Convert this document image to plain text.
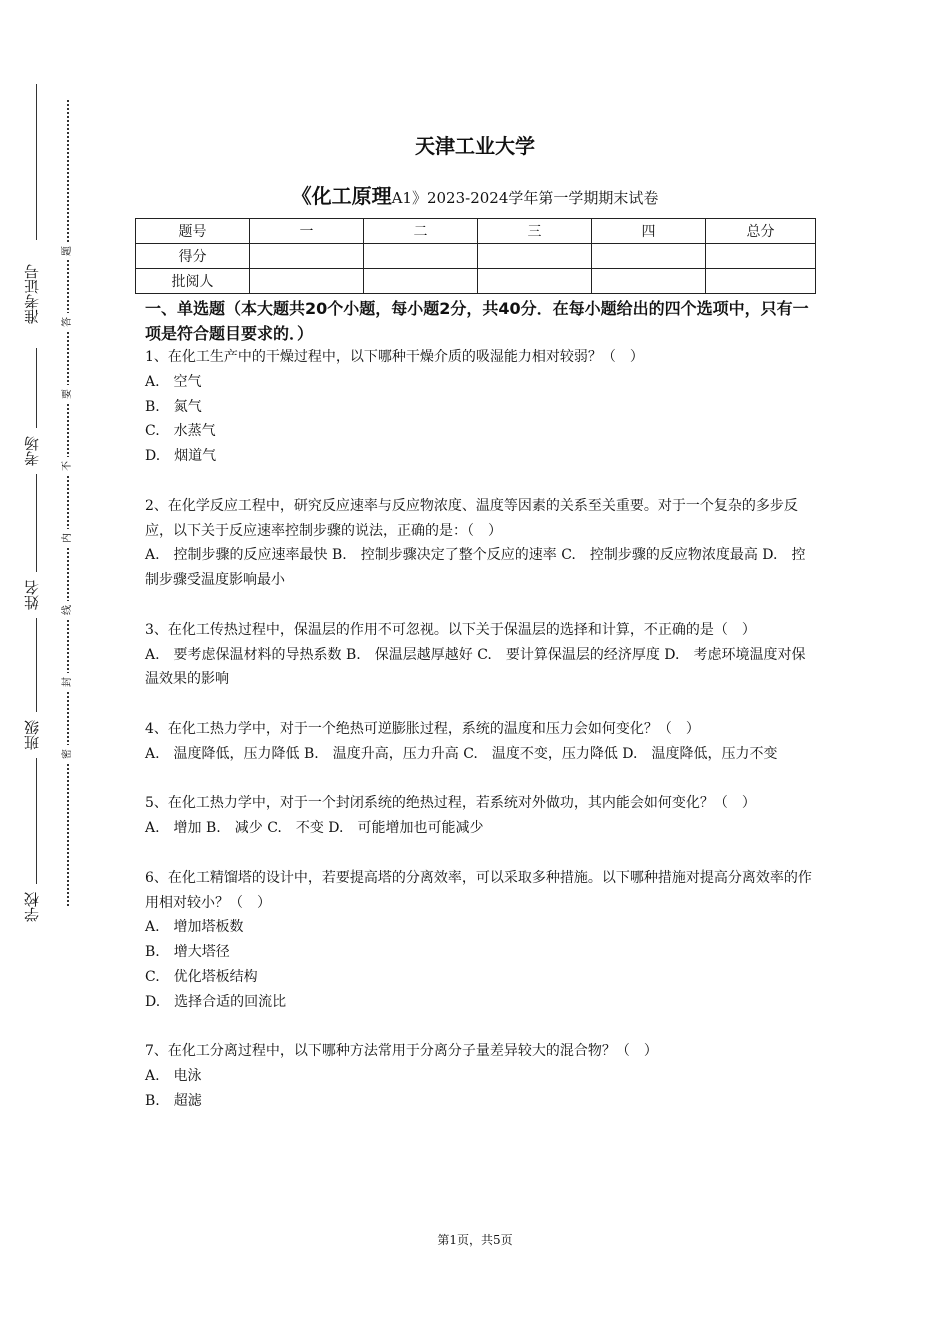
准考证号
考场
姓名
班级
学校
题
答
要
不
内
线
封
密
天津工业大学
《化工原理A1》2023-2024学年第一学期期末试卷
题号	一	二	三	四	总分
得分					
批阅人					
一、单选题（本大题共20个小题，每小题2分，共40分．在每小题给出的四个选项中，只有一项是符合题目要求的．）

1、在化工生产中的干燥过程中，以下哪种干燥介质的吸湿能力相对较弱？（　）

A.　空气

B.　氮气

C.　水蒸气

D.　烟道气

2、在化学反应工程中，研究反应速率与反应物浓度、温度等因素的关系至关重要。对于一个复杂的多步反应，以下关于反应速率控制步骤的说法，正确的是：（　）

A.　控制步骤的反应速率最快 B.　控制步骤决定了整个反应的速率 C.　控制步骤的反应物浓度最高 D.　控制步骤受温度影响最小

3、在化工传热过程中，保温层的作用不可忽视。以下关于保温层的选择和计算，不正确的是（　）

A.　要考虑保温材料的导热系数 B.　保温层越厚越好 C.　要计算保温层的经济厚度 D.　考虑环境温度对保温效果的影响

4、在化工热力学中，对于一个绝热可逆膨胀过程，系统的温度和压力会如何变化？（　）

A.　温度降低，压力降低 B.　温度升高，压力升高 C.　温度不变，压力降低 D.　温度降低，压力不变

5、在化工热力学中，对于一个封闭系统的绝热过程，若系统对外做功，其内能会如何变化？（　）

A.　增加 B.　减少 C.　不变 D.　可能增加也可能减少

6、在化工精馏塔的设计中，若要提高塔的分离效率，可以采取多种措施。以下哪种措施对提高分离效率的作用相对较小？（　）

A.　增加塔板数

B.　增大塔径

C.　优化塔板结构

D.　选择合适的回流比

7、在化工分离过程中，以下哪种方法常用于分离分子量差异较大的混合物？（　）

A.　电泳

B.　超滤

第1页，共5页
